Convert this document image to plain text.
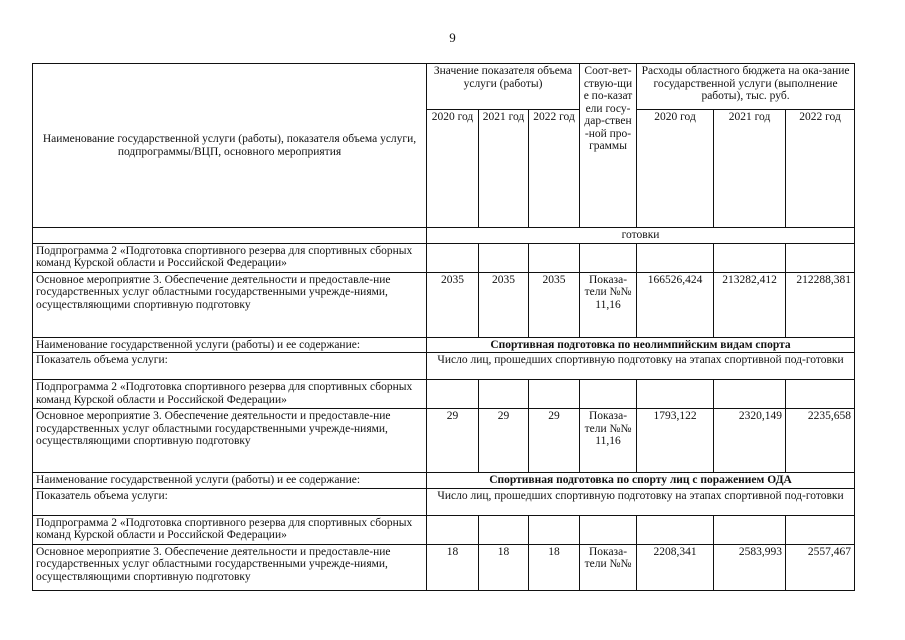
9
Наименование государственной услуги (работы), показателя объема услуги, подпрограммы/ВЦП, основного мероприятия	Значение показателя объема услуги (работы)			Соот-вет-ствую-щие по-казатели госу-дар-ствен-ной про-граммы	Расходы областного бюджета на ока-зание государственной услуги (выполнение работы), тыс. руб.		
	2020 год	2021 год	2022 год		2020 год	2021 год	2022 год
	готовки						
Подпрограмма 2 «Подготовка спортивного резерва для спортивных сборных команд Курской области и Российской Федерации»							
Основное мероприятие 3. Обеспечение деятельности и предоставле-ние государственных услуг областными государственными учрежде-ниями, осуществляющими спортивную подготовку	2035	2035	2035	Показа-тели №№ 11,16	166526,424	213282,412	212288,381
Наименование государственной услуги (работы) и ее содержание:	Спортивная подготовка по неолимпийским видам спорта						
Показатель объема услуги:	Число лиц, прошедших спортивную подготовку на этапах спортивной под-готовки						
Подпрограмма 2 «Подготовка спортивного резерва для спортивных сборных команд Курской области и Российской Федерации»							
Основное мероприятие 3. Обеспечение деятельности и предоставле-ние государственных услуг областными государственными учрежде-ниями, осуществляющими спортивную подготовку	29	29	29	Показа-тели №№ 11,16	1793,122	2320,149	2235,658
Наименование государственной услуги (работы) и ее содержание:	Спортивная подготовка по спорту лиц с поражением ОДА						
Показатель объема услуги:	Число лиц, прошедших спортивную подготовку на этапах спортивной под-готовки						
Подпрограмма 2 «Подготовка спортивного резерва для спортивных сборных команд Курской области и Российской Федерации»							
Основное мероприятие 3. Обеспечение деятельности и предоставле-ние государственных услуг областными государственными учрежде-ниями, осуществляющими спортивную подготовку	18	18	18	Показа-тели №№	2208,341	2583,993	2557,467
